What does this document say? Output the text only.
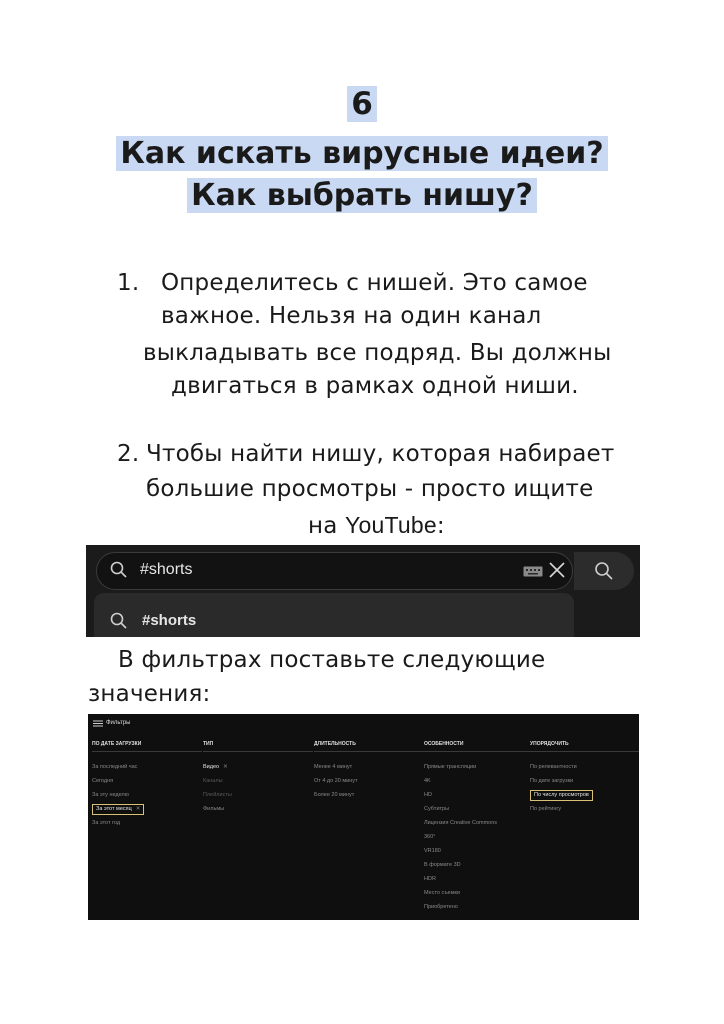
6
Как искать вирусные идеи?
Как выбрать нишу?
1. Определитесь с нишей. Это самое
важное. Нельзя на один канал
выкладывать все подряд. Вы должны
двигаться в рамках одной ниши.
2. Чтобы найти нишу, которая набирает
большие просмотры - просто ищите
на YouTube:
#shorts
#shorts
В фильтрах поставьте следующие
значения:
Фильтры
ПО ДАТЕ ЗАГРУЗКИ
За последний час
Сегодня
За эту неделю
За этот месяц ✕
За этот год
ТИП
Видео ✕
Каналы
Плейлисты
Фильмы
ДЛИТЕЛЬНОСТЬ
Менее 4 минут
От 4 до 20 минут
Более 20 минут
ОСОБЕННОСТИ
Прямые трансляции
4K
HD
Субтитры
Лицензия Creative Commons
360°
VR180
В формате 3D
HDR
Место съемки
Приобретено
УПОРЯДОЧИТЬ
По релевантности
По дате загрузки
По числу просмотров
По рейтингу
